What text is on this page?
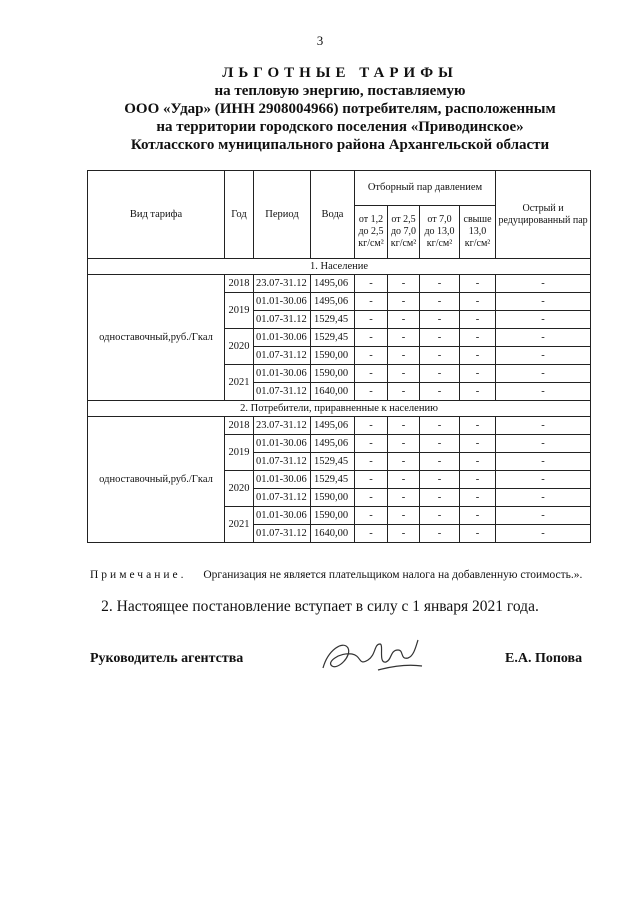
3
ЛЬГОТНЫЕ ТАРИФЫ
на тепловую энергию, поставляемую
ООО «Удар» (ИНН 2908004966) потребителям, расположенным
на территории городского поселения «Приводинское»
Котласского муниципального района Архангельской области
Вид тарифа	Год	Период	Вода	Отборный пар давлением				Острый и редуцированный пар
				от 1,2 до 2,5 кг/см²	от 2,5 до 7,0 кг/см²	от 7,0 до 13,0 кг/см²	свыше 13,0 кг/см²	
1. Население								
одноставочный,руб./Гкал	2018	23.07-31.12	1495,06	-	-	-	-	-
	2019	01.01-30.06	1495,06	-	-	-	-	-
		01.07-31.12	1529,45	-	-	-	-	-
	2020	01.01-30.06	1529,45	-	-	-	-	-
		01.07-31.12	1590,00	-	-	-	-	-
	2021	01.01-30.06	1590,00	-	-	-	-	-
		01.07-31.12	1640,00	-	-	-	-	-
2. Потребители, приравненные к населению								
одноставочный,руб./Гкал	2018	23.07-31.12	1495,06	-	-	-	-	-
	2019	01.01-30.06	1495,06	-	-	-	-	-
		01.07-31.12	1529,45	-	-	-	-	-
	2020	01.01-30.06	1529,45	-	-	-	-	-
		01.07-31.12	1590,00	-	-	-	-	-
	2021	01.01-30.06	1590,00	-	-	-	-	-
		01.07-31.12	1640,00	-	-	-	-	-
Примечание. Организация не является плательщиком налога на добавленную стоимость.».
2. Настоящее постановление вступает в силу с 1 января 2021 года.
Руководитель агентства	Е.А. Попова
